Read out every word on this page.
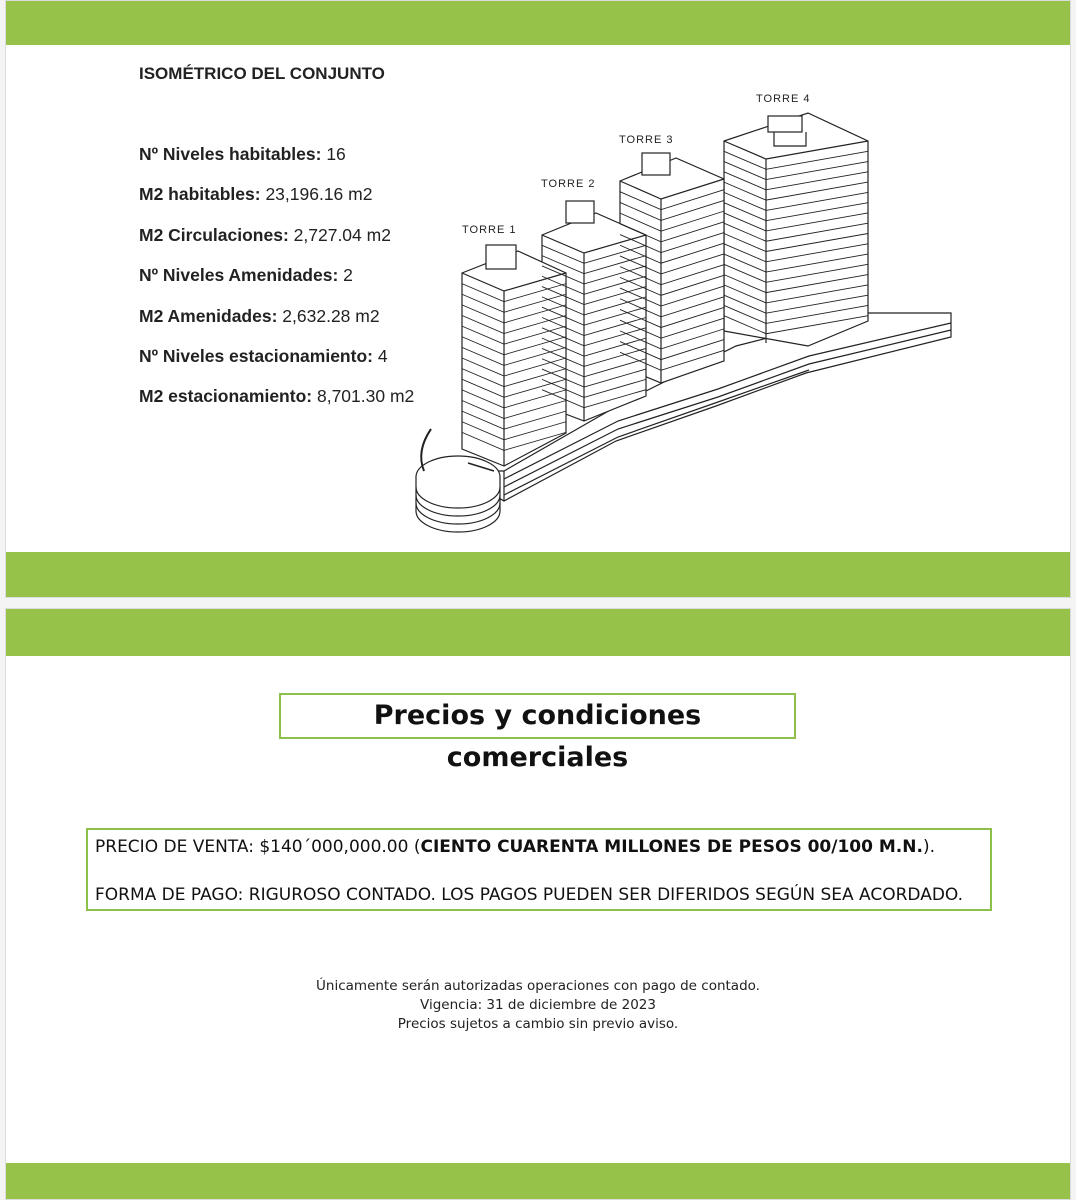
ISOMÉTRICO DEL CONJUNTO
Nº Niveles habitables: 16
M2 habitables: 23,196.16 m2
M2 Circulaciones: 2,727.04 m2
Nº Niveles Amenidades: 2
M2 Amenidades: 2,632.28 m2
Nº Niveles estacionamiento: 4
M2 estacionamiento: 8,701.30 m2
TORRE 1
TORRE 2
TORRE 3
TORRE 4
Precios y condiciones comerciales
PRECIO DE VENTA: $140´000,000.00 (CIENTO CUARENTA MILLONES DE PESOS 00/100 M.N.).
FORMA DE PAGO: RIGUROSO CONTADO. LOS PAGOS PUEDEN SER DIFERIDOS SEGÚN SEA ACORDADO.
Únicamente serán autorizadas operaciones con pago de contado.
Vigencia: 31 de diciembre de 2023
Precios sujetos a cambio sin previo aviso.
